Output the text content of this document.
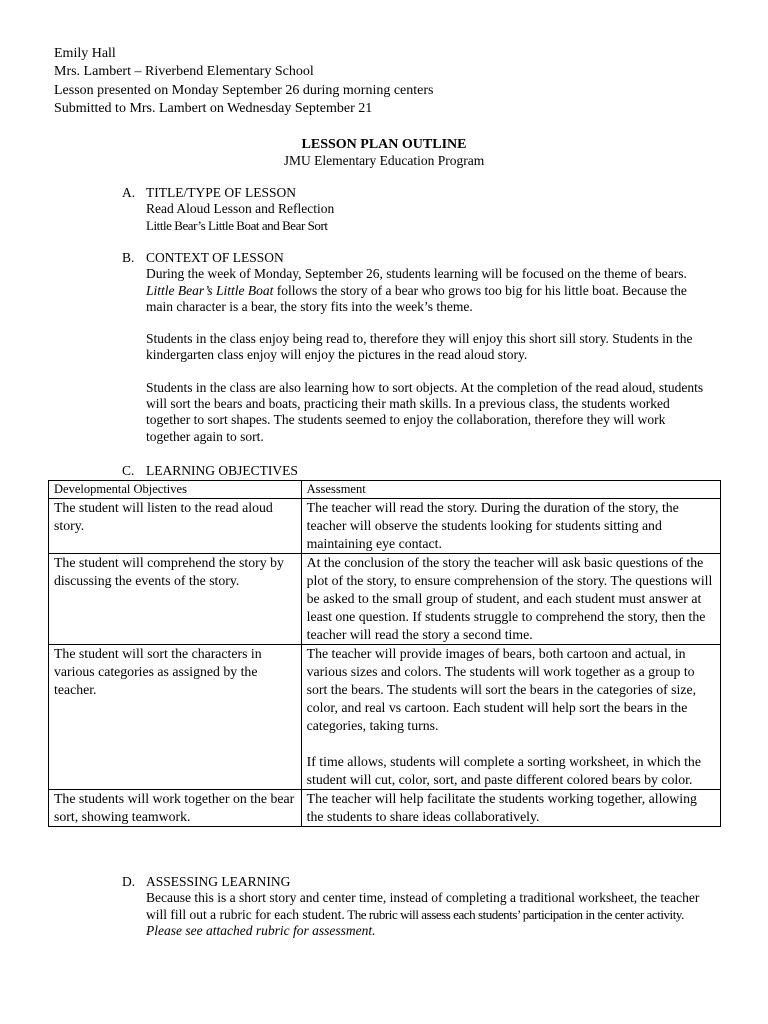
Emily Hall
Mrs. Lambert – Riverbend Elementary School
Lesson presented on Monday September 26 during morning centers
Submitted to Mrs. Lambert on Wednesday September 21
LESSON PLAN OUTLINE
JMU Elementary Education Program
A. TITLE/TYPE OF LESSON
Read Aloud Lesson and Reflection
Little Bear’s Little Boat and Bear Sort
B. CONTEXT OF LESSON

During the week of Monday, September 26, students learning will be focused on the theme of bears.
Little Bear’s Little Boat follows the story of a bear who grows too big for his little boat. Because the main character is a bear, the story fits into the week’s theme.

Students in the class enjoy being read to, therefore they will enjoy this short sill story. Students in the kindergarten class enjoy will enjoy the pictures in the read aloud story.

Students in the class are also learning how to sort objects. At the completion of the read aloud, students will sort the bears and boats, practicing their math skills. In a previous class, the students worked together to sort shapes. The students seemed to enjoy the collaboration, therefore they will work together again to sort.

C. LEARNING OBJECTIVES
Developmental Objectives	Assessment
The student will listen to the read aloud story.	The teacher will read the story. During the duration of the story, the teacher will observe the students looking for students sitting and maintaining eye contact.
The student will comprehend the story by discussing the events of the story.	At the conclusion of the story the teacher will ask basic questions of the plot of the story, to ensure comprehension of the story. The questions will be asked to the small group of student, and each student must answer at least one question. If students struggle to comprehend the story, then the teacher will read the story a second time.
The student will sort the characters in various categories as assigned by the teacher.	The teacher will provide images of bears, both cartoon and actual, in various sizes and colors. The students will work together as a group to sort the bears. The students will sort the bears in the categories of size, color, and real vs cartoon. Each student will help sort the bears in the categories, taking turns.
If time allows, students will complete a sorting worksheet, in which the student will cut, color, sort, and paste different colored bears by color.

The students will work together on the bear sort, showing teamwork.	The teacher will help facilitate the students working together, allowing the students to share ideas collaboratively.
D. ASSESSING LEARNING

Because this is a short story and center time, instead of completing a traditional worksheet, the teacher will fill out a rubric for each student. The rubric will assess each students’ participation in the center activity. Please see attached rubric for assessment.
